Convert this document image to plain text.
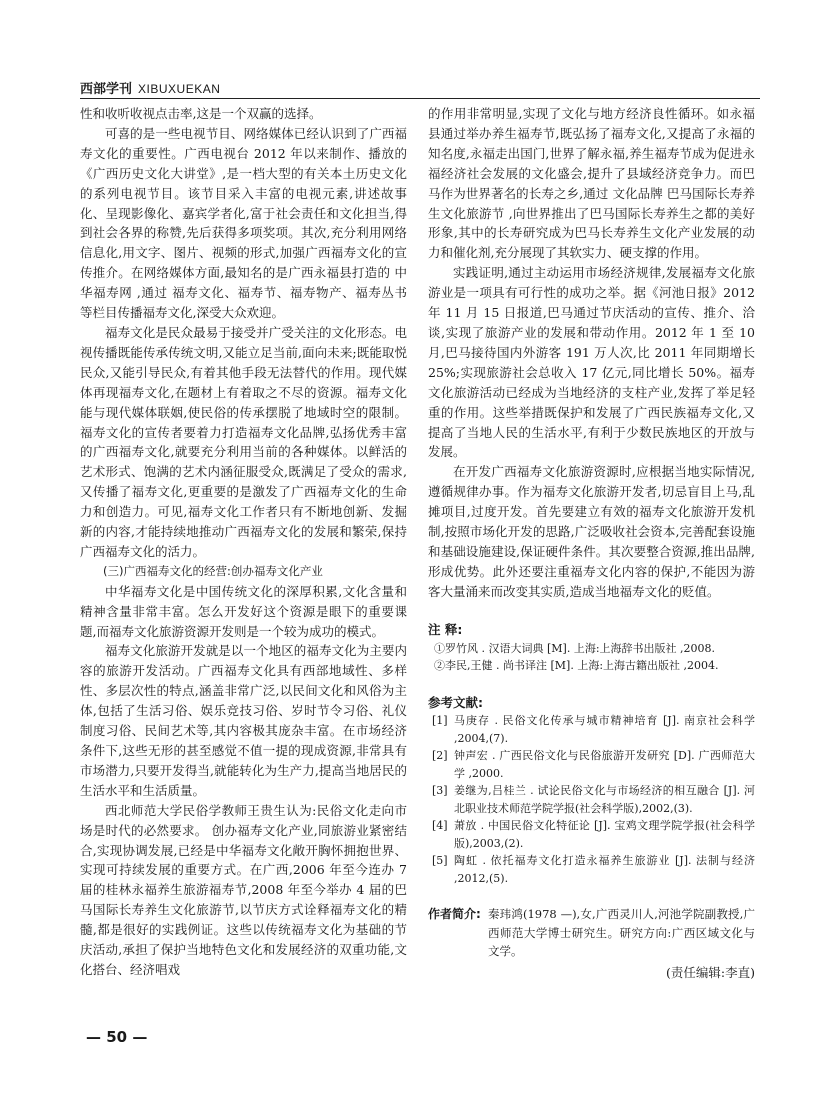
西部学刊 XIBUXUEKAN

性和收听收视点击率,这是一个双赢的选择。

可喜的是一些电视节目、网络媒体已经认识到了广西福寿文化的重要性。广西电视台 2012 年以来制作、播放的《广西历史文化大讲堂》,是一档大型的有关本土历史文化的系列电视节目。该节目采入丰富的电视元素,讲述故事化、呈现影像化、嘉宾学者化,富于社会责任和文化担当,得到社会各界的称赞,先后获得多项奖项。其次,充分利用网络信息化,用文字、图片、视频的形式,加强广西福寿文化的宣传推介。在网络媒体方面,最知名的是广西永福县打造的 中华福寿网 ,通过 福寿文化、福寿节、福寿物产、福寿丛书 等栏目传播福寿文化,深受大众欢迎。

福寿文化是民众最易于接受并广受关注的文化形态。电视传播既能传承传统文明,又能立足当前,面向未来;既能取悦民众,又能引导民众,有着其他手段无法替代的作用。现代媒体再现福寿文化,在题材上有着取之不尽的资源。福寿文化能与现代媒体联姻,使民俗的传承摆脱了地域时空的限制。福寿文化的宣传者要着力打造福寿文化品牌,弘扬优秀丰富的广西福寿文化,就要充分利用当前的各种媒体。以鲜活的艺术形式、饱满的艺术内涵征服受众,既满足了受众的需求,又传播了福寿文化,更重要的是激发了广西福寿文化的生命力和创造力。可见,福寿文化工作者只有不断地创新、发掘新的内容,才能持续地推动广西福寿文化的发展和繁荣,保持广西福寿文化的活力。

(三)广西福寿文化的经营:创办福寿文化产业

中华福寿文化是中国传统文化的深厚积累,文化含量和精神含量非常丰富。怎么开发好这个资源是眼下的重要课题,而福寿文化旅游资源开发则是一个较为成功的模式。

福寿文化旅游开发就是以一个地区的福寿文化为主要内容的旅游开发活动。广西福寿文化具有西部地域性、多样性、多层次性的特点,涵盖非常广泛,以民间文化和风俗为主体,包括了生活习俗、娱乐竞技习俗、岁时节令习俗、礼仪制度习俗、民间艺术等,其内容极其庞杂丰富。在市场经济条件下,这些无形的甚至感觉不值一提的现成资源,非常具有市场潜力,只要开发得当,就能转化为生产力,提高当地居民的生活水平和生活质量。

西北师范大学民俗学教师王贵生认为:民俗文化走向市场是时代的必然要求。 创办福寿文化产业,同旅游业紧密结合,实现协调发展,已经是中华福寿文化敞开胸怀拥抱世界、实现可持续发展的重要方式。在广西,2006 年至今连办 7 届的桂林永福养生旅游福寿节,2008 年至今举办 4 届的巴马国际长寿养生文化旅游节,以节庆方式诠释福寿文化的精髓,都是很好的实践例证。这些以传统福寿文化为基础的节庆活动,承担了保护当地特色文化和发展经济的双重功能,文化搭台、经济唱戏

的作用非常明显,实现了文化与地方经济良性循环。如永福县通过举办养生福寿节,既弘扬了福寿文化,又提高了永福的知名度,永福走出国门,世界了解永福,养生福寿节成为促进永福经济社会发展的文化盛会,提升了县域经济竞争力。而巴马作为世界著名的长寿之乡,通过 文化品牌 巴马国际长寿养生文化旅游节 ,向世界推出了巴马国际长寿养生之都的美好形象,其中的长寿研究成为巴马长寿养生文化产业发展的动力和催化剂,充分展现了其软实力、硬支撑的作用。

实践证明,通过主动运用市场经济规律,发展福寿文化旅游业是一项具有可行性的成功之举。据《河池日报》2012 年 11 月 15 日报道,巴马通过节庆活动的宣传、推介、洽谈,实现了旅游产业的发展和带动作用。2012 年 1 至 10 月,巴马接待国内外游客 191 万人次,比 2011 年同期增长 25%;实现旅游社会总收入 17 亿元,同比增长 50%。福寿文化旅游活动已经成为当地经济的支柱产业,发挥了举足轻重的作用。这些举措既保护和发展了广西民族福寿文化,又提高了当地人民的生活水平,有利于少数民族地区的开放与发展。

在开发广西福寿文化旅游资源时,应根据当地实际情况,遵循规律办事。作为福寿文化旅游开发者,切忌盲目上马,乱摊项目,过度开发。首先要建立有效的福寿文化旅游开发机制,按照市场化开发的思路,广泛吸收社会资本,完善配套设施和基础设施建设,保证硬件条件。其次要整合资源,推出品牌,形成优势。此外还要注重福寿文化内容的保护,不能因为游客大量涌来而改变其实质,造成当地福寿文化的贬值。

注 释:

①罗竹风 . 汉语大词典 [M]. 上海:上海辞书出版社 ,2008.
②李民,王健 . 尚书译注 [M]. 上海:上海古籍出版社 ,2004.

参考文献:

[1] 马庚存 . 民俗文化传承与城市精神培育 [J]. 南京社会科学 ,2004,(7).
[2] 钟声宏 . 广西民俗文化与民俗旅游开发研究 [D]. 广西师范大学 ,2000.
[3] 姜继为,吕桂兰 . 试论民俗文化与市场经济的相互融合 [J]. 河北职业技术师范学院学报(社会科学版),2002,(3).
[4] 萧放 . 中国民俗文化特征论 [J]. 宝鸡文理学院学报(社会科学版),2003,(2).
[5] 陶虹 . 依托福寿文化打造永福养生旅游业 [J]. 法制与经济 ,2012,(5).
作者简介: 秦玮鸿(1978 —),女,广西灵川人,河池学院副教授,广西师范大学博士研究生。研究方向:广西区域文化与文学。

(责任编辑:李直)

— 50 —
